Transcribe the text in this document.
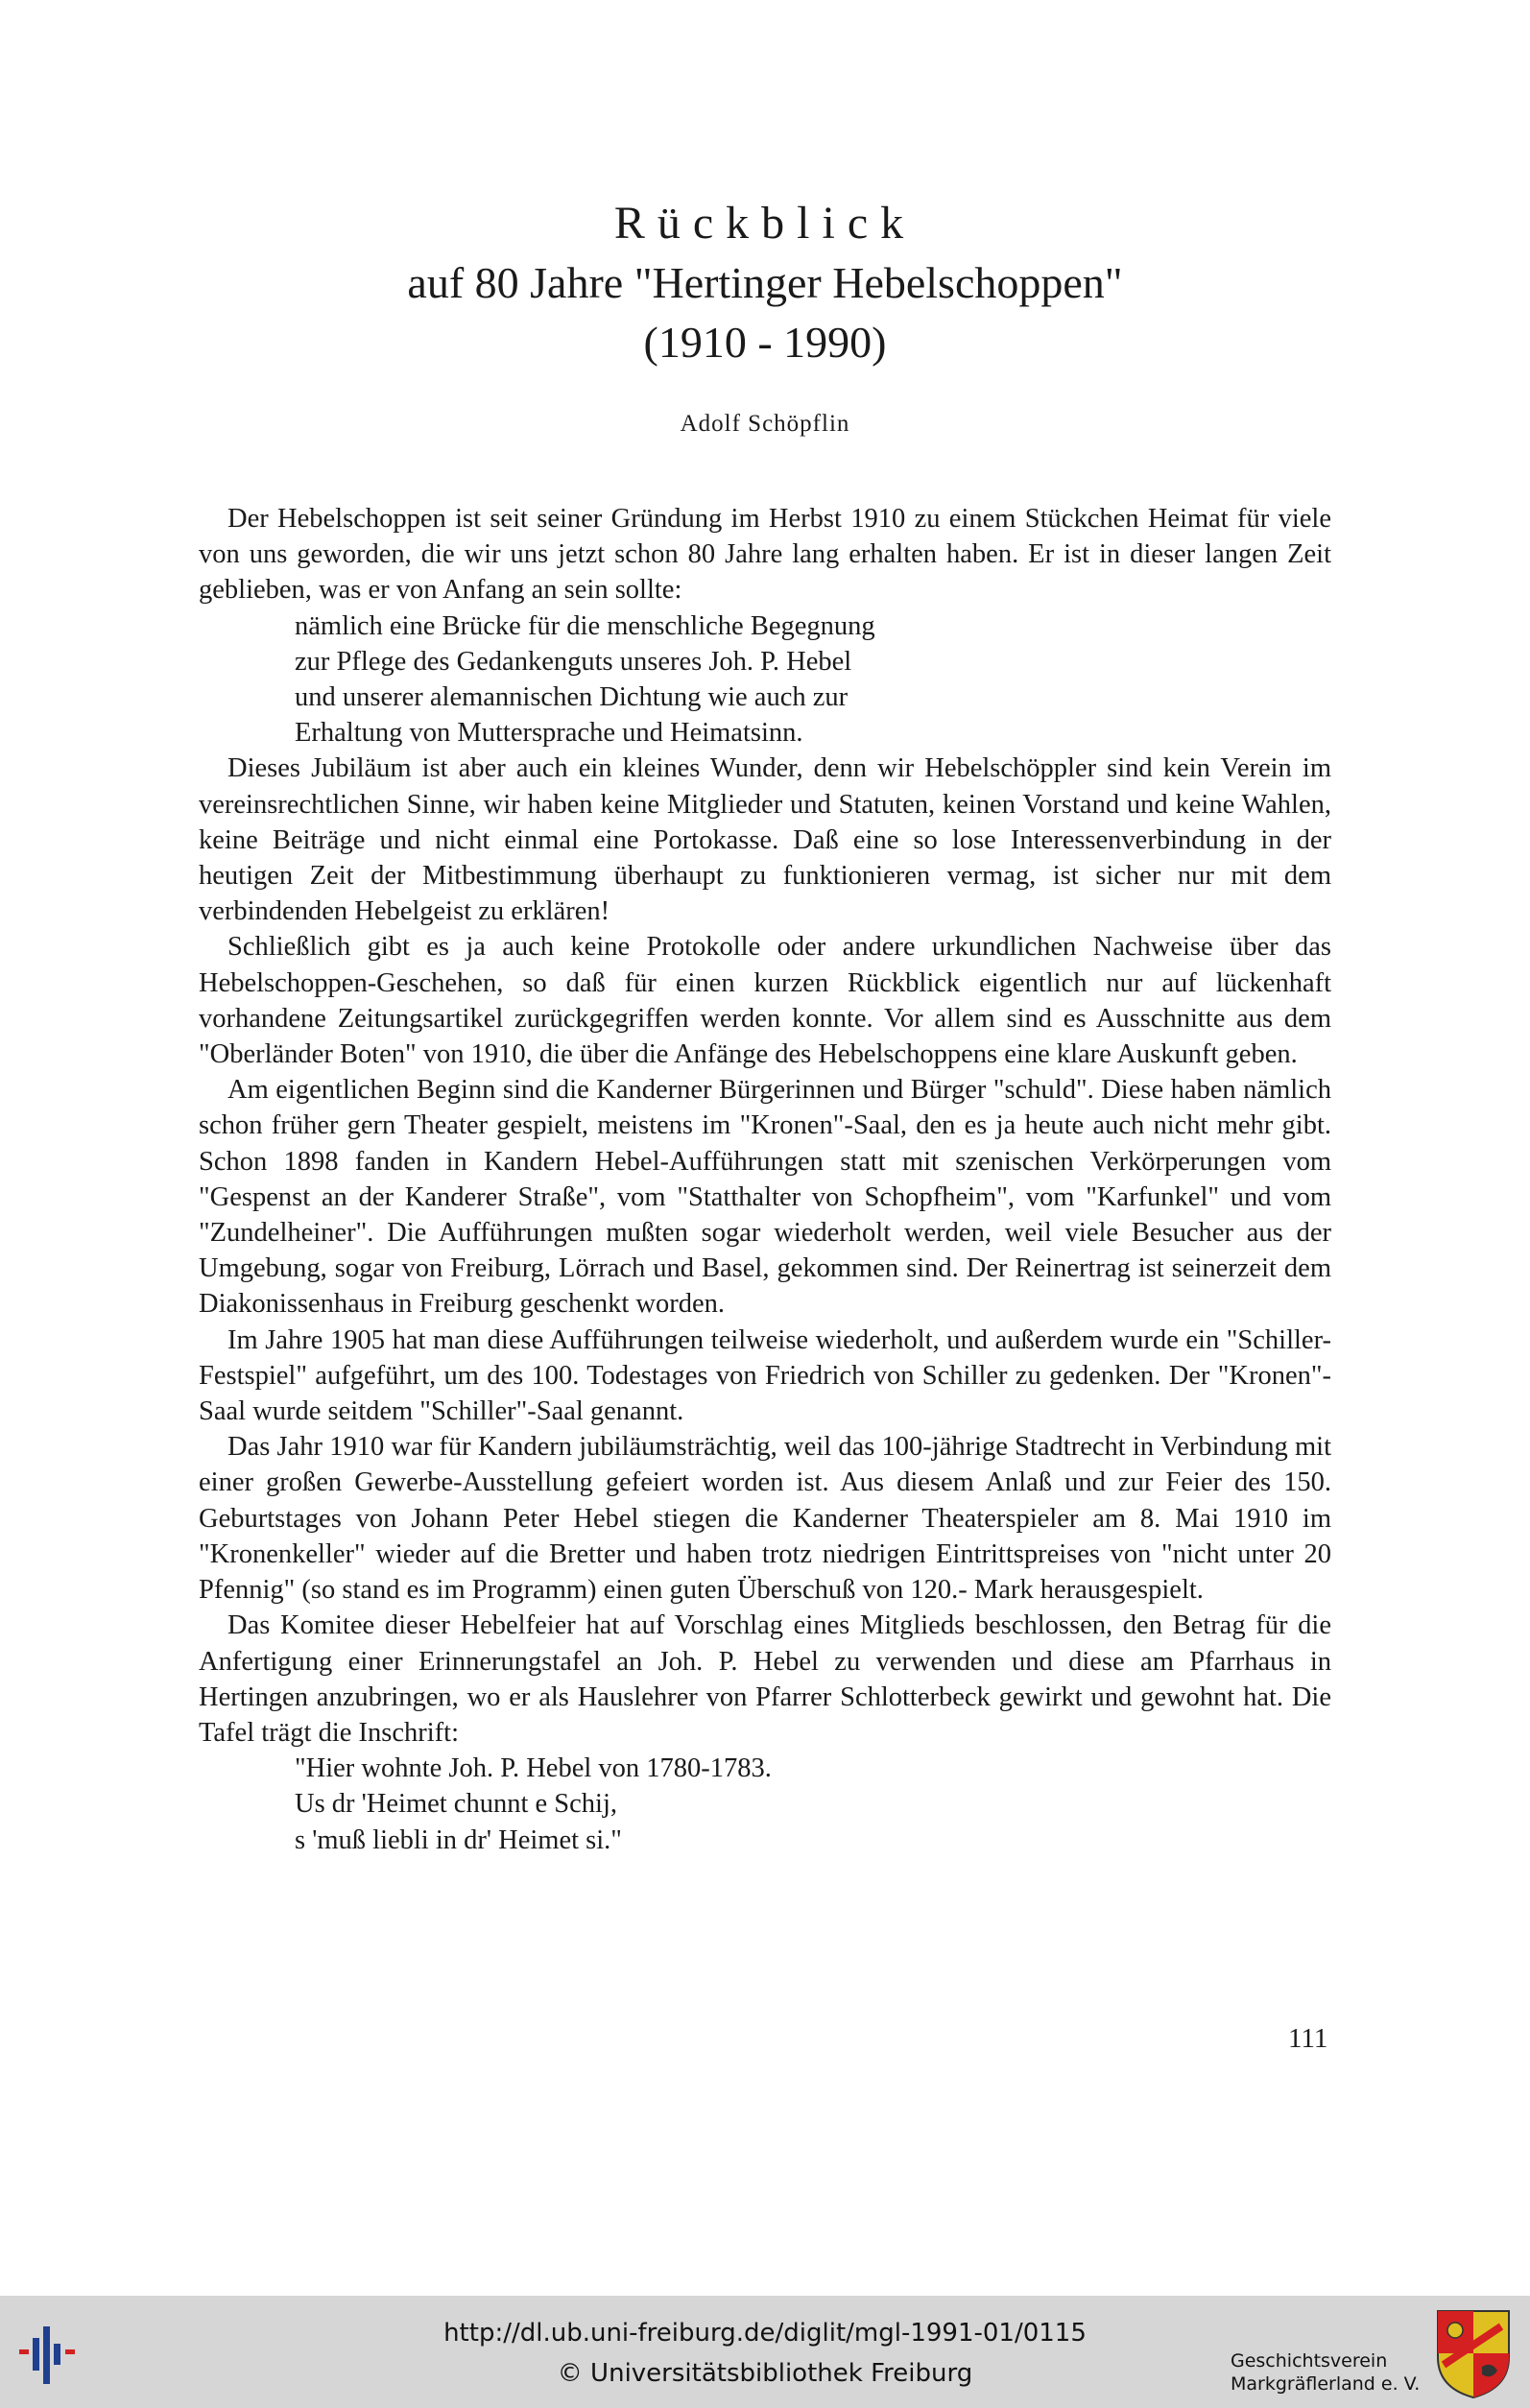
Rückblick
auf 80 Jahre "Hertinger Hebelschoppen"
(1910 - 1990)
Adolf Schöpflin

Der Hebelschoppen ist seit seiner Gründung im Herbst 1910 zu einem Stückchen Heimat für viele von uns geworden, die wir uns jetzt schon 80 Jahre lang erhalten haben. Er ist in dieser langen Zeit geblieben, was er von Anfang an sein sollte:

nämlich eine Brücke für die menschliche Begegnung

zur Pflege des Gedankenguts unseres Joh. P. Hebel

und unserer alemannischen Dichtung wie auch zur

Erhaltung von Muttersprache und Heimatsinn.

Dieses Jubiläum ist aber auch ein kleines Wunder, denn wir Hebelschöppler sind kein Verein im vereinsrechtlichen Sinne, wir haben keine Mitglieder und Statuten, keinen Vorstand und keine Wahlen, keine Beiträge und nicht einmal eine Portokasse. Daß eine so lose Interessenverbindung in der heutigen Zeit der Mitbestimmung überhaupt zu funktionieren vermag, ist sicher nur mit dem verbindenden Hebelgeist zu erklären!

Schließlich gibt es ja auch keine Protokolle oder andere urkundlichen Nachweise über das Hebelschoppen-Geschehen, so daß für einen kurzen Rückblick eigentlich nur auf lückenhaft vorhandene Zeitungsartikel zurückgegriffen werden konnte. Vor allem sind es Ausschnitte aus dem "Oberländer Boten" von 1910, die über die Anfänge des Hebelschoppens eine klare Auskunft geben.

Am eigentlichen Beginn sind die Kanderner Bürgerinnen und Bürger "schuld". Diese haben nämlich schon früher gern Theater gespielt, meistens im "Kronen"-Saal, den es ja heute auch nicht mehr gibt. Schon 1898 fanden in Kandern Hebel-Aufführungen statt mit szenischen Verkörperungen vom "Gespenst an der Kanderer Straße", vom "Statthalter von Schopfheim", vom "Karfunkel" und vom "Zundelheiner". Die Aufführungen mußten sogar wiederholt werden, weil viele Besucher aus der Umgebung, sogar von Freiburg, Lörrach und Basel, gekommen sind. Der Reinertrag ist seinerzeit dem Diakonissenhaus in Freiburg geschenkt worden.

Im Jahre 1905 hat man diese Aufführungen teilweise wiederholt, und außerdem wurde ein "Schiller-Festspiel" aufgeführt, um des 100. Todestages von Friedrich von Schiller zu gedenken. Der "Kronen"-Saal wurde seitdem "Schiller"-Saal genannt.

Das Jahr 1910 war für Kandern jubiläumsträchtig, weil das 100-jährige Stadtrecht in Verbindung mit einer großen Gewerbe-Ausstellung gefeiert worden ist. Aus diesem Anlaß und zur Feier des 150. Geburtstages von Johann Peter Hebel stiegen die Kanderner Theaterspieler am 8. Mai 1910 im "Kronenkeller" wieder auf die Bretter und haben trotz niedrigen Eintrittspreises von "nicht unter 20 Pfennig" (so stand es im Programm) einen guten Überschuß von 120.- Mark herausgespielt.

Das Komitee dieser Hebelfeier hat auf Vorschlag eines Mitglieds beschlossen, den Betrag für die Anfertigung einer Erinnerungstafel an Joh. P. Hebel zu verwenden und diese am Pfarrhaus in Hertingen anzubringen, wo er als Hauslehrer von Pfarrer Schlotterbeck gewirkt und gewohnt hat. Die Tafel trägt die Inschrift:

"Hier wohnte Joh. P. Hebel von 1780-1783.

Us dr 'Heimet chunnt e Schij,

s 'muß liebli in dr' Heimet si."

111
http://dl.ub.uni-freiburg.de/diglit/mgl-1991-01/0115
© Universitätsbibliothek Freiburg	Geschichtsverein
Markgräflerland e. V.
